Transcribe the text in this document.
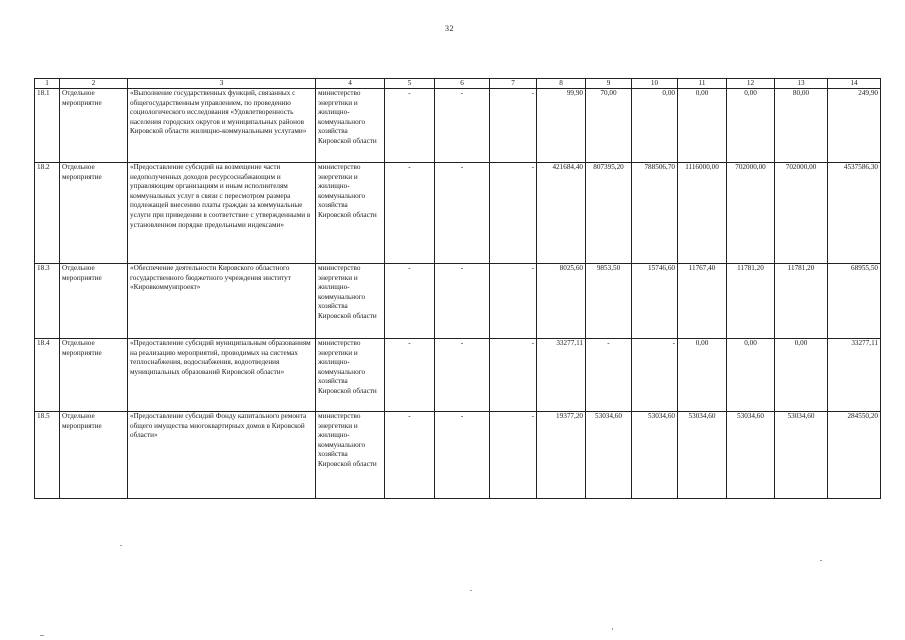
32
1	2	3	4	5	6	7	8	9	10	11	12	13	14
18.1	Отдельное мероприятие	«Выполнение государственных функций, связанных с общегосударственным управлением, по проведению социологического исследования «Удовлетворенность населения городских округов и муниципальных районов Кировской области жилищно-коммунальными услугами»	министерство энергетики и жилищно-коммунального хозяйства Кировской области	-	-	-	99,90	70,00	0,00	0,00	0,00	80,00	249,90
18.2	Отдельное мероприятие	«Предоставление субсидий на возмещение части недополученных доходов ресурсоснабжающим и управляющим организациям и иным исполнителям коммунальных услуг в связи с пересмотром размера подлежащей внесению платы граждан за коммунальные услуги при приведении в соответствие с утвержденными в установленном порядке предельными индексами»	министерство энергетики и жилищно-коммунального хозяйства Кировской области	-	-	-	421684,40	807395,20	788506,70	1116000,00	702000,00	702000,00	4537586,30
18.3	Отдельное мероприятие	«Обеспечение деятельности Кировского областного государственного бюджетного учреждения институт «Кировкоммунпроект»	министерство энергетики и жилищно-коммунального хозяйства Кировской области	-	-	-	8025,60	9853,50	15746,60	11767,40	11781,20	11781,20	68955,50
18.4	Отдельное мероприятие	«Предоставление субсидий муниципальным образованиям на реализацию мероприятий, проводимых на системах теплоснабжения, водоснабжения, водоотведения муниципальных образований Кировской области»	министерство энергетики и жилищно-коммунального хозяйства Кировской области	-	-	-	33277,11	-	-	0,00	0,00	0,00	33277,11
18.5	Отдельное мероприятие	«Предоставление субсидий Фонду капитального ремонта общего имущества многоквартирных домов в Кировской области»	министерство энергетики и жилищно-коммунального хозяйства Кировской области	-	-	-	19377,20	53034,60	53034,60	53034,60	53034,60	53034,60	284550,20
